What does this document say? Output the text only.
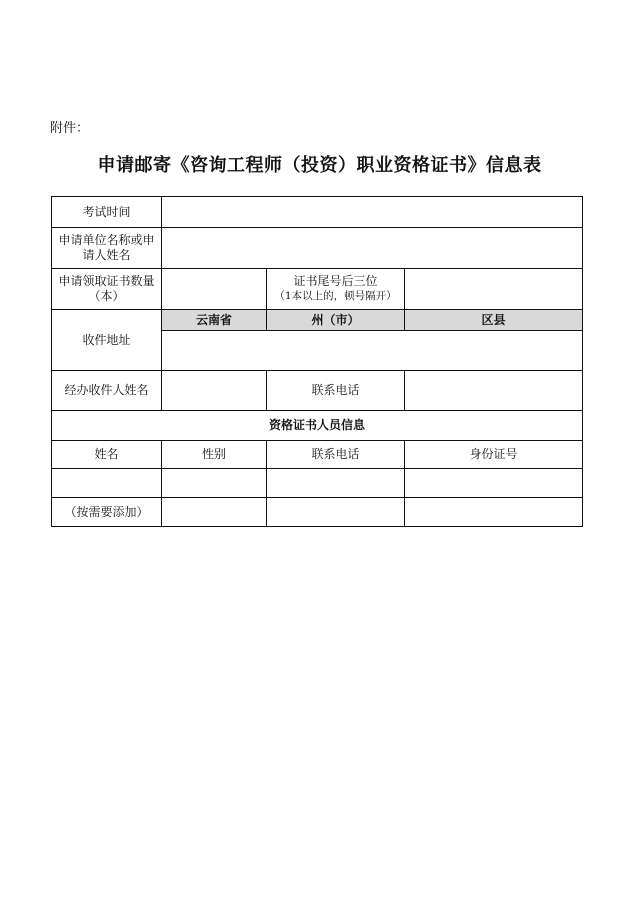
附件：
申请邮寄《咨询工程师（投资）职业资格证书》信息表
考试时间			
申请单位名称或申请人姓名			
申请领取证书数量（本）		证书尾号后三位
（1本以上的，顿号隔开）	

收件地址	云南省	州（市）	区县

经办收件人姓名		联系电话	
资格证书人员信息			
姓名	性别	联系电话	身份证号

（按需要添加）			
